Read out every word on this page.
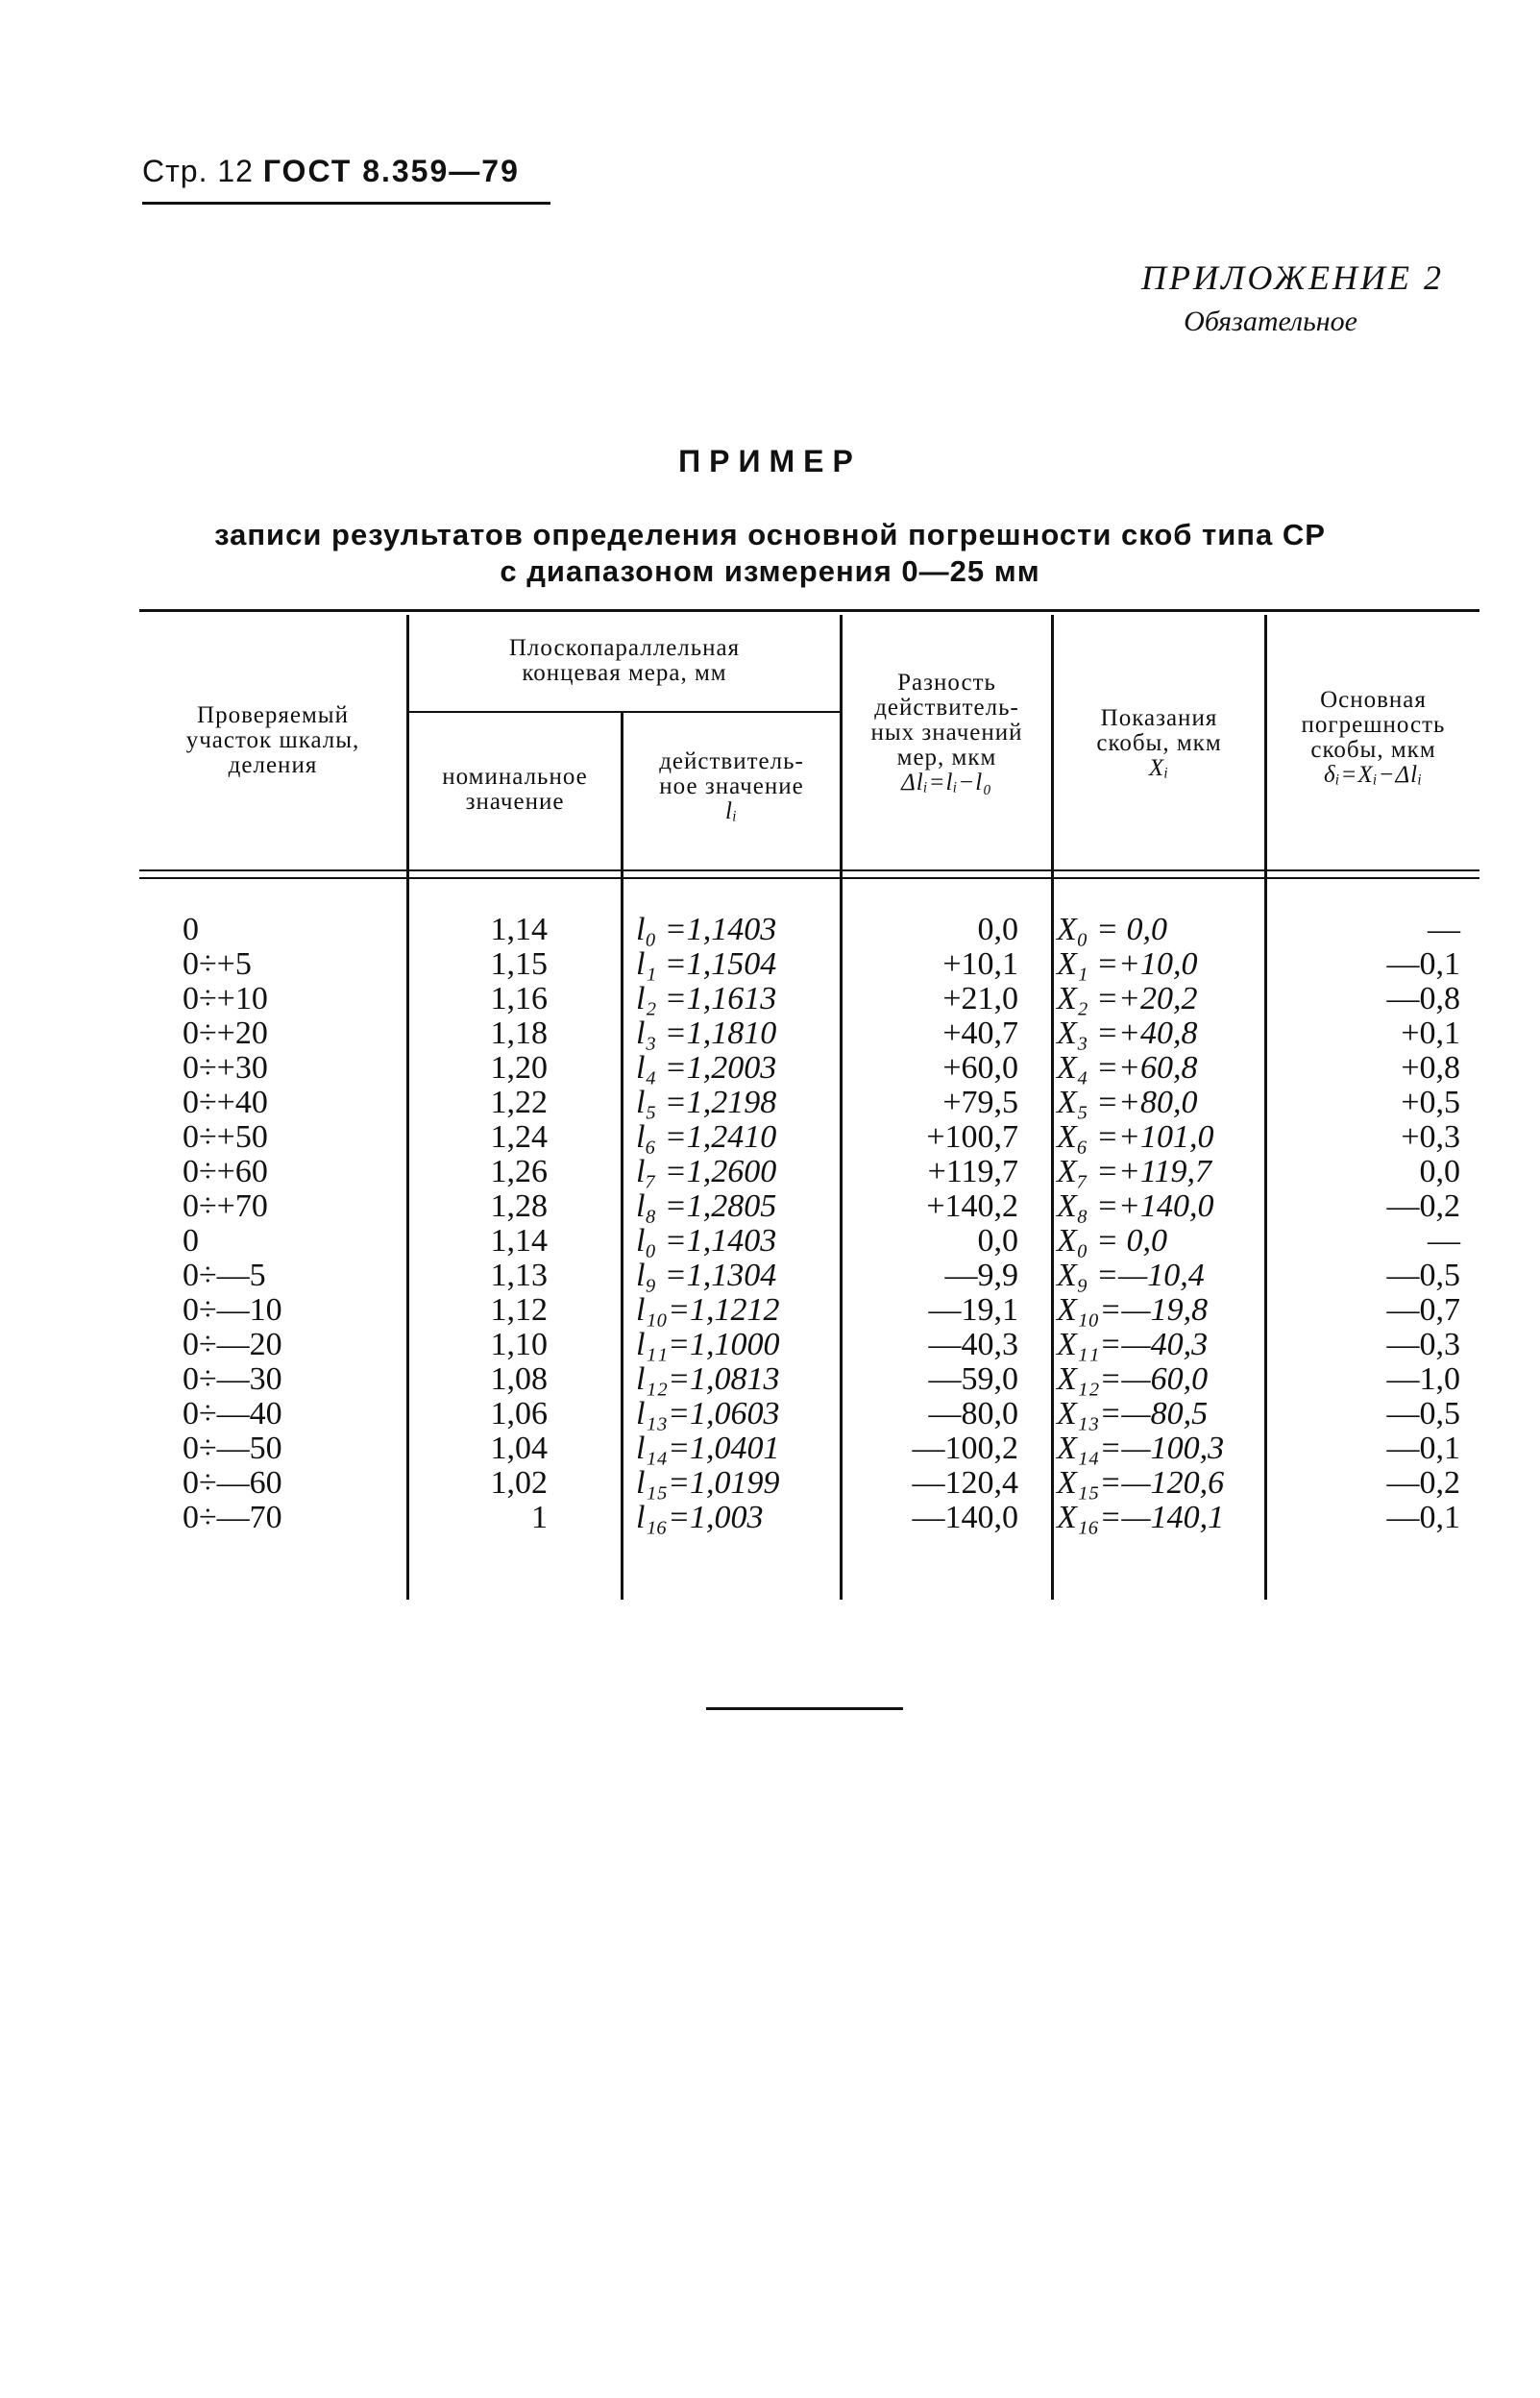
Стр. 12 ГОСТ 8.359—79
ПРИЛОЖЕНИЕ 2
Обязательное
ПРИМЕР
записи результатов определения основной погрешности скоб типа СР
с диапазоном измерения 0—25 мм
Проверяемый
участок шкалы,
деления
Плоскопараллельная
концевая мера, мм
номинальное
значение
действитель-
ное значение
lᵢ
Разность
действитель-
ных значений
мер, мкм
Δlᵢ=lᵢ−l₀
Показания
скобы, мкм
Xᵢ
Основная
погрешность
скобы, мкм
δᵢ=Xᵢ−Δlᵢ
0
0÷+5
0÷+10
0÷+20
0÷+30
0÷+40
0÷+50
0÷+60
0÷+70
0
0÷—5
0÷—10
0÷—20
0÷—30
0÷—40
0÷—50
0÷—60
0÷—70
1,14
1,15
1,16
1,18
1,20
1,22
1,24
1,26
1,28
1,14
1,13
1,12
1,10
1,08
1,06
1,04
1,02
1
l₀ =1,1403
l₁ =1,1504
l₂ =1,1613
l₃ =1,1810
l₄ =1,2003
l₅ =1,2198
l₆ =1,2410
l₇ =1,2600
l₈ =1,2805
l₀ =1,1403
l₉ =1,1304
l₁₀=1,1212
l₁₁=1,1000
l₁₂=1,0813
l₁₃=1,0603
l₁₄=1,0401
l₁₅=1,0199
l₁₆=1,003
0,0
+10,1
+21,0
+40,7
+60,0
+79,5
+100,7
+119,7
+140,2
0,0
—9,9
—19,1
—40,3
—59,0
—80,0
—100,2
—120,4
—140,0
X₀ = 0,0
X₁ =+10,0
X₂ =+20,2
X₃ =+40,8
X₄ =+60,8
X₅ =+80,0
X₆ =+101,0
X₇ =+119,7
X₈ =+140,0
X₀ = 0,0
X₉ =—10,4
X₁₀=—19,8
X₁₁=—40,3
X₁₂=—60,0
X₁₃=—80,5
X₁₄=—100,3
X₁₅=—120,6
X₁₆=—140,1
—
—0,1
—0,8
+0,1
+0,8
+0,5
+0,3
0,0
—0,2
—
—0,5
—0,7
—0,3
—1,0
—0,5
—0,1
—0,2
—0,1
